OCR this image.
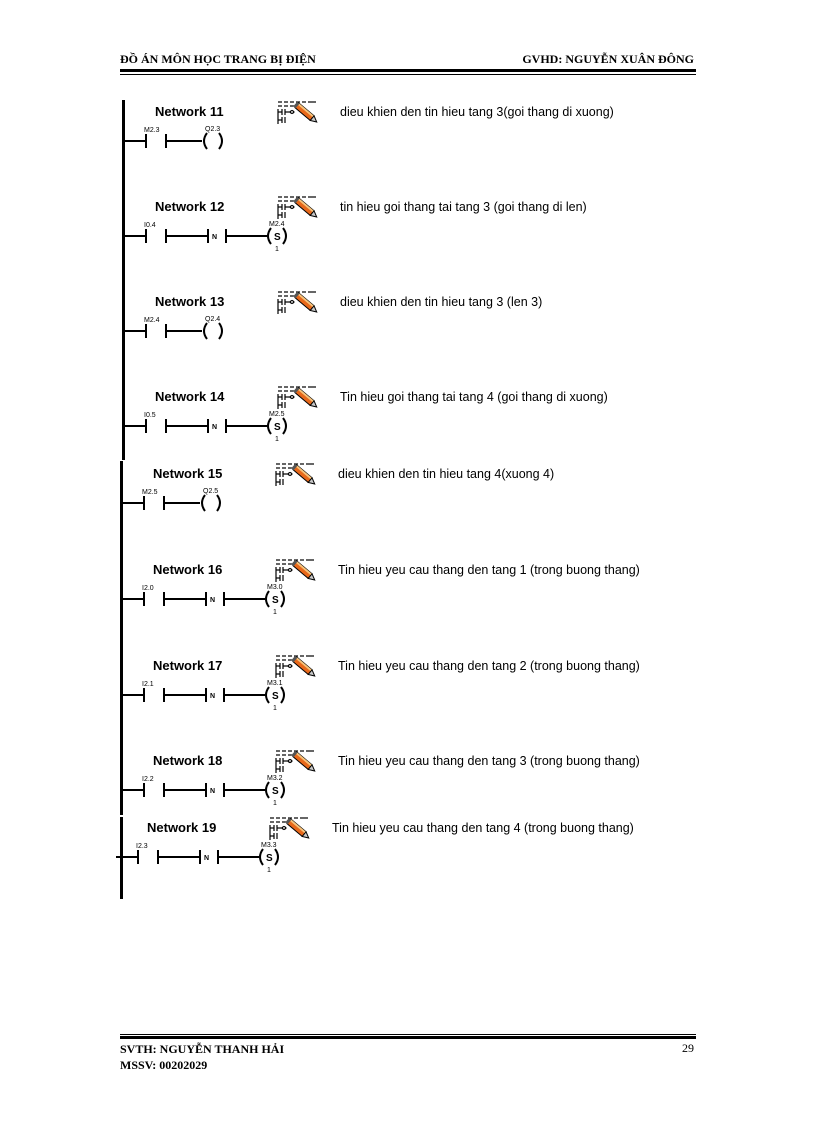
ĐỒ ÁN MÔN HỌC TRANG BỊ ĐIỆN	GVHD: NGUYỄN XUÂN ĐÔNG
Network 11	dieu khien den tin hieu tang 3(goi thang di xuong)
M2.3	Q2.3
Network 12	tin hieu goi thang tai tang 3 (goi thang di len)
I0.4
N
M2.4
S
1
Network 13	dieu khien den tin hieu tang 3 (len 3)
M2.4	Q2.4
Network 14	Tin hieu goi thang tai tang 4 (goi thang di xuong)
I0.5
N
M2.5
S
1
Network 15	dieu khien den tin hieu tang 4(xuong 4)
M2.5	Q2.5
Network 16	Tin hieu yeu cau thang den tang 1 (trong buong thang)
I2.0
N
M3.0
S
1
Network 17	Tin hieu yeu cau thang den tang 2 (trong buong thang)
I2.1
N
M3.1
S
1
Network 18	Tin hieu yeu cau thang den tang 3 (trong buong thang)
I2.2
N
M3.2
S
1
Network 19	Tin hieu yeu cau thang den tang 4 (trong buong thang)
I2.3
N
M3.3
S
1
SVTH: NGUYỄN THANH HẢI
MSSV: 00202029
29
